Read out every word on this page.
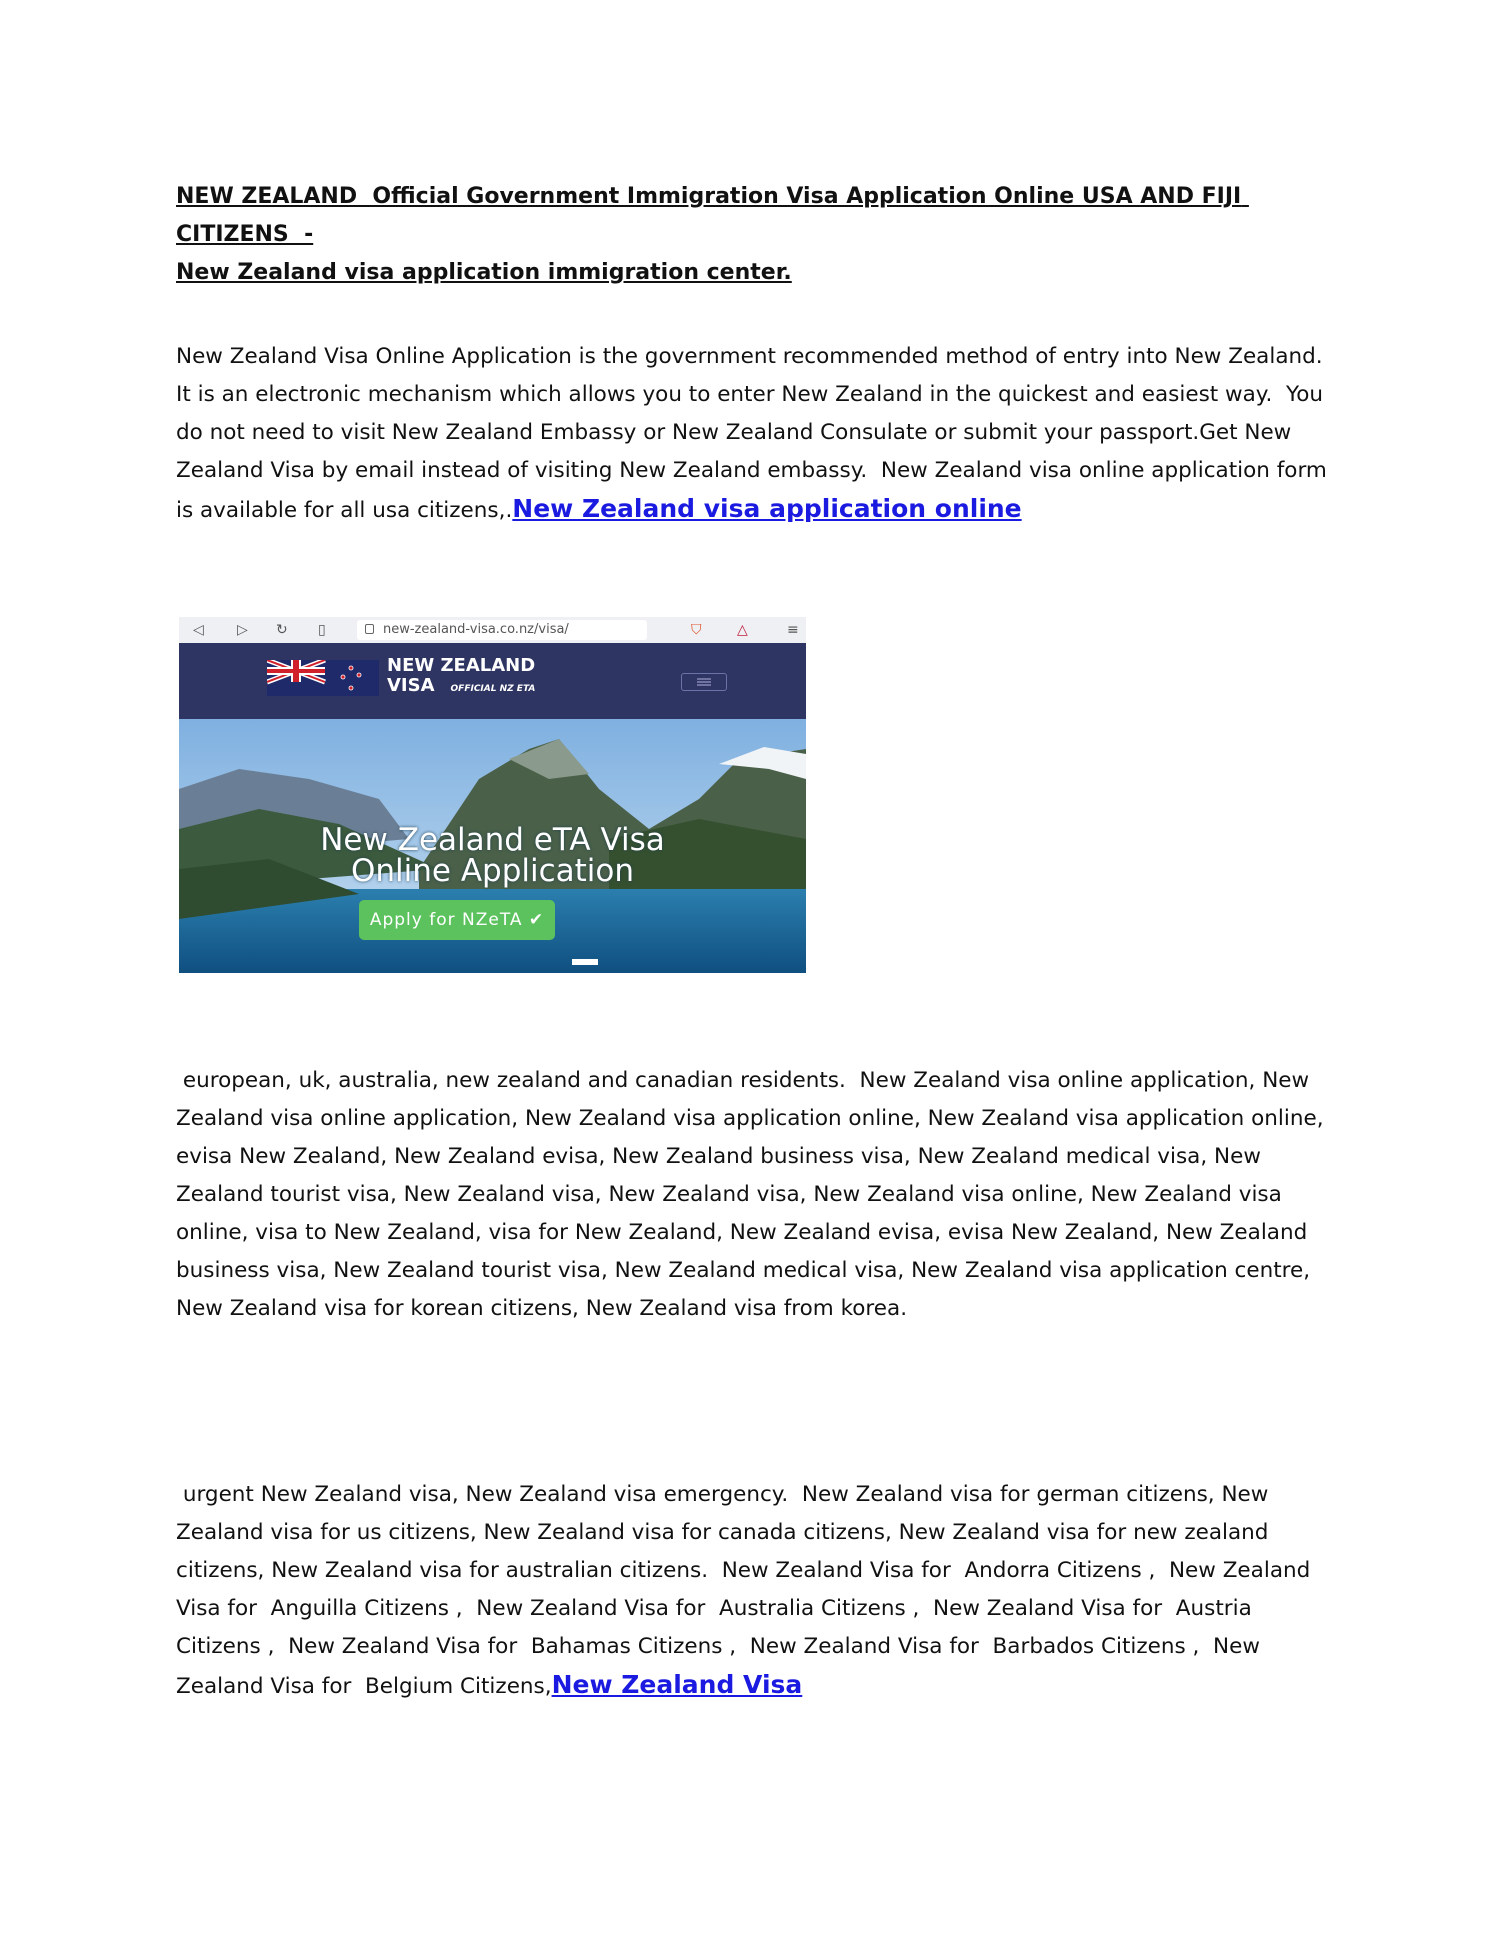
NEW ZEALAND  Official Government Immigration Visa Application Online USA AND FIJI CITIZENS  -
New Zealand visa application immigration center.
New Zealand Visa Online Application is the government recommended method of entry into New Zealand.  It is an electronic mechanism which allows you to enter New Zealand in the quickest and easiest way.  You do not need to visit New Zealand Embassy or New Zealand Consulate or submit your passport.Get New Zealand Visa by email instead of visiting New Zealand embassy.  New Zealand visa online application form is available for all usa citizens,.New Zealand visa application online
◁ ▷ ↻ ▯	new-zealand-visa.co.nz/visa/	⛉	△	≡
NEW ZEALAND
VISA OFFICIAL NZ ETA
New Zealand eTA Visa
Online Application
Apply for NZeTA ✔
european, uk, australia, new zealand and canadian residents.  New Zealand visa online application, New Zealand visa online application, New Zealand visa application online, New Zealand visa application online, evisa New Zealand, New Zealand evisa, New Zealand business visa, New Zealand medical visa, New Zealand tourist visa, New Zealand visa, New Zealand visa, New Zealand visa online, New Zealand visa online, visa to New Zealand, visa for New Zealand, New Zealand evisa, evisa New Zealand, New Zealand business visa, New Zealand tourist visa, New Zealand medical visa, New Zealand visa application centre, New Zealand visa for korean citizens, New Zealand visa from korea.
urgent New Zealand visa, New Zealand visa emergency.  New Zealand visa for german citizens, New Zealand visa for us citizens, New Zealand visa for canada citizens, New Zealand visa for new zealand citizens, New Zealand visa for australian citizens.  New Zealand Visa for  Andorra Citizens ,  New Zealand Visa for  Anguilla Citizens ,  New Zealand Visa for  Australia Citizens ,  New Zealand Visa for  Austria Citizens ,  New Zealand Visa for  Bahamas Citizens ,  New Zealand Visa for  Barbados Citizens ,  New Zealand Visa for  Belgium Citizens,New Zealand Visa
